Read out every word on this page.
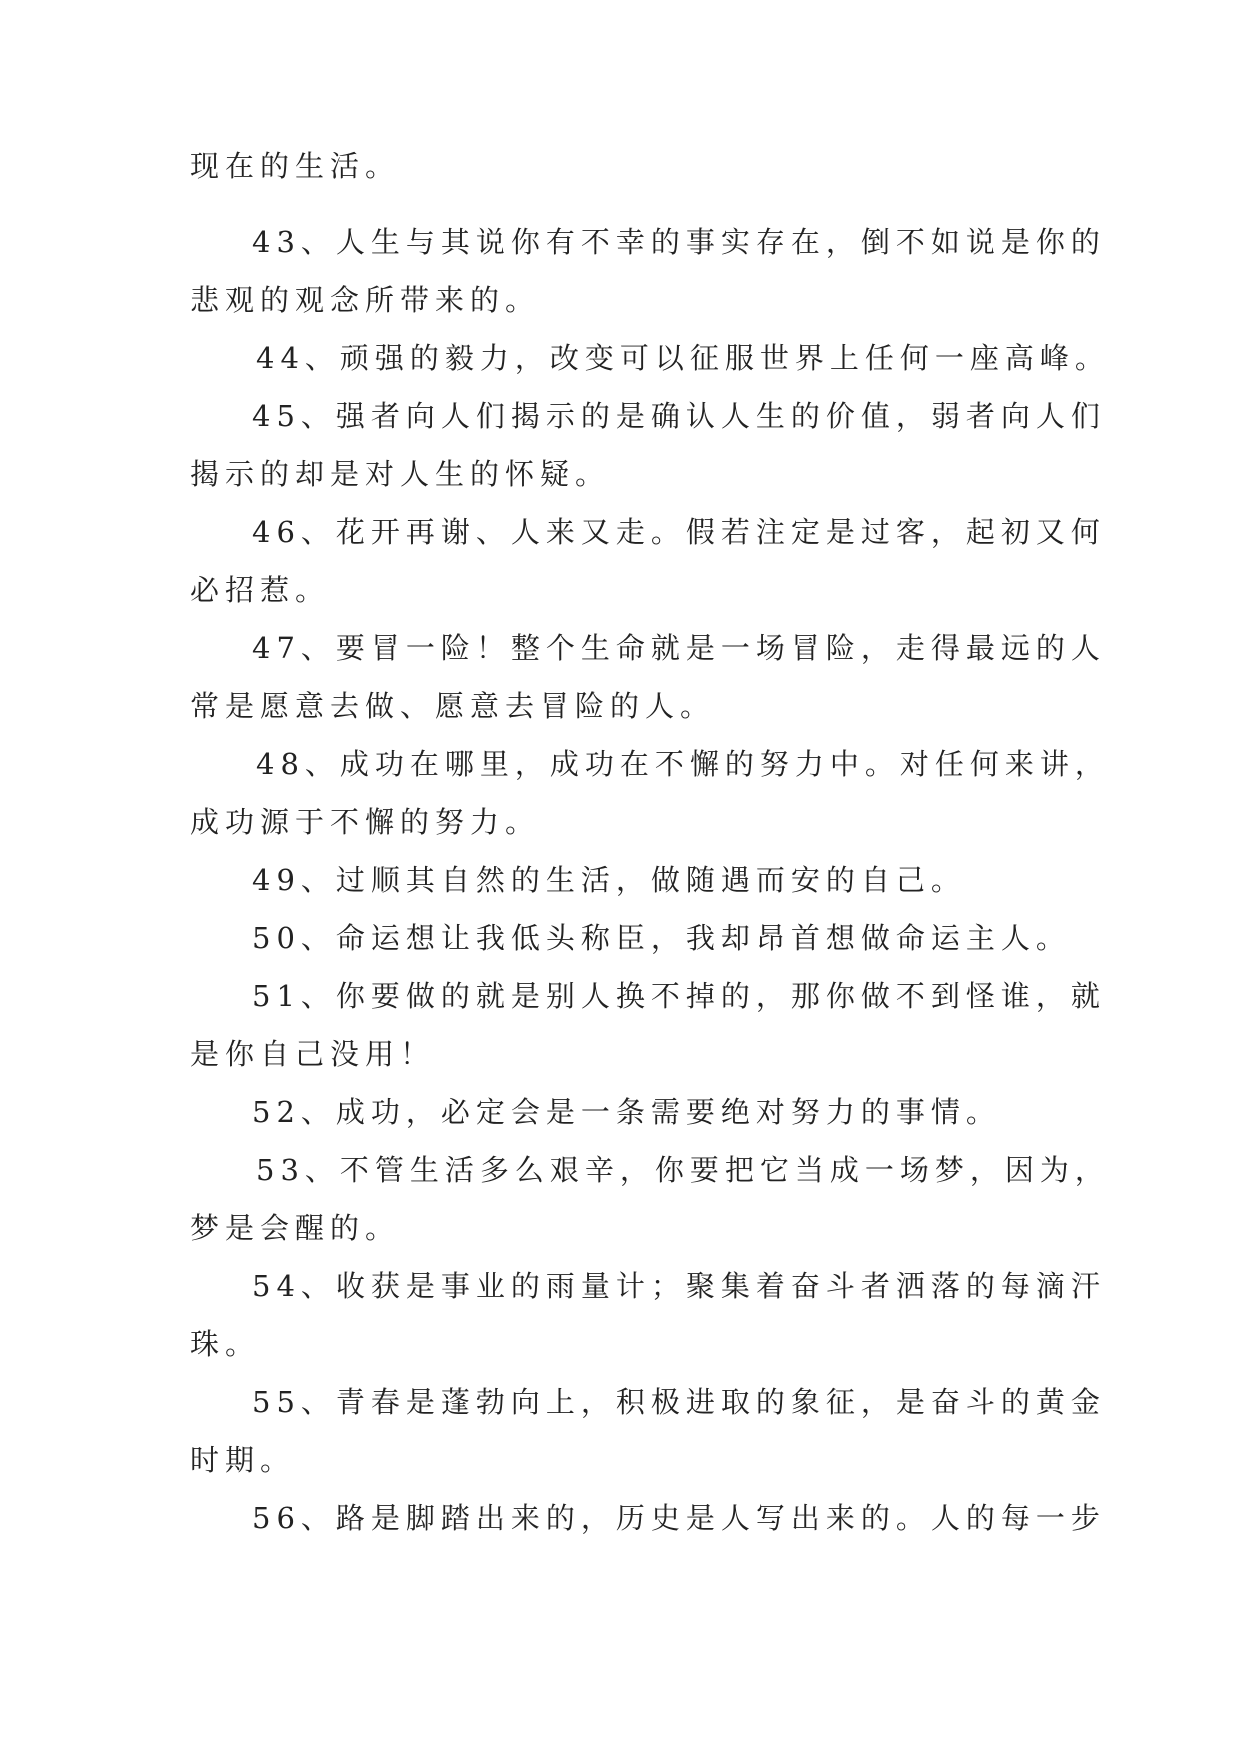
现在的生活。
43、人生与其说你有不幸的事实存在，倒不如说是你的
悲观的观念所带来的。
44、顽强的毅力，改变可以征服世界上任何一座高峰。
45、强者向人们揭示的是确认人生的价值，弱者向人们
揭示的却是对人生的怀疑。
46、花开再谢、人来又走。假若注定是过客，起初又何
必招惹。
47、要冒一险！整个生命就是一场冒险，走得最远的人
常是愿意去做、愿意去冒险的人。
48、成功在哪里，成功在不懈的努力中。对任何来讲，
成功源于不懈的努力。
49、过顺其自然的生活，做随遇而安的自己。
50、命运想让我低头称臣，我却昂首想做命运主人。
51、你要做的就是别人换不掉的，那你做不到怪谁，就
是你自己没用！
52、成功，必定会是一条需要绝对努力的事情。
53、不管生活多么艰辛，你要把它当成一场梦，因为，
梦是会醒的。
54、收获是事业的雨量计；聚集着奋斗者洒落的每滴汗
珠。
55、青春是蓬勃向上，积极进取的象征，是奋斗的黄金
时期。
56、路是脚踏出来的，历史是人写出来的。人的每一步
